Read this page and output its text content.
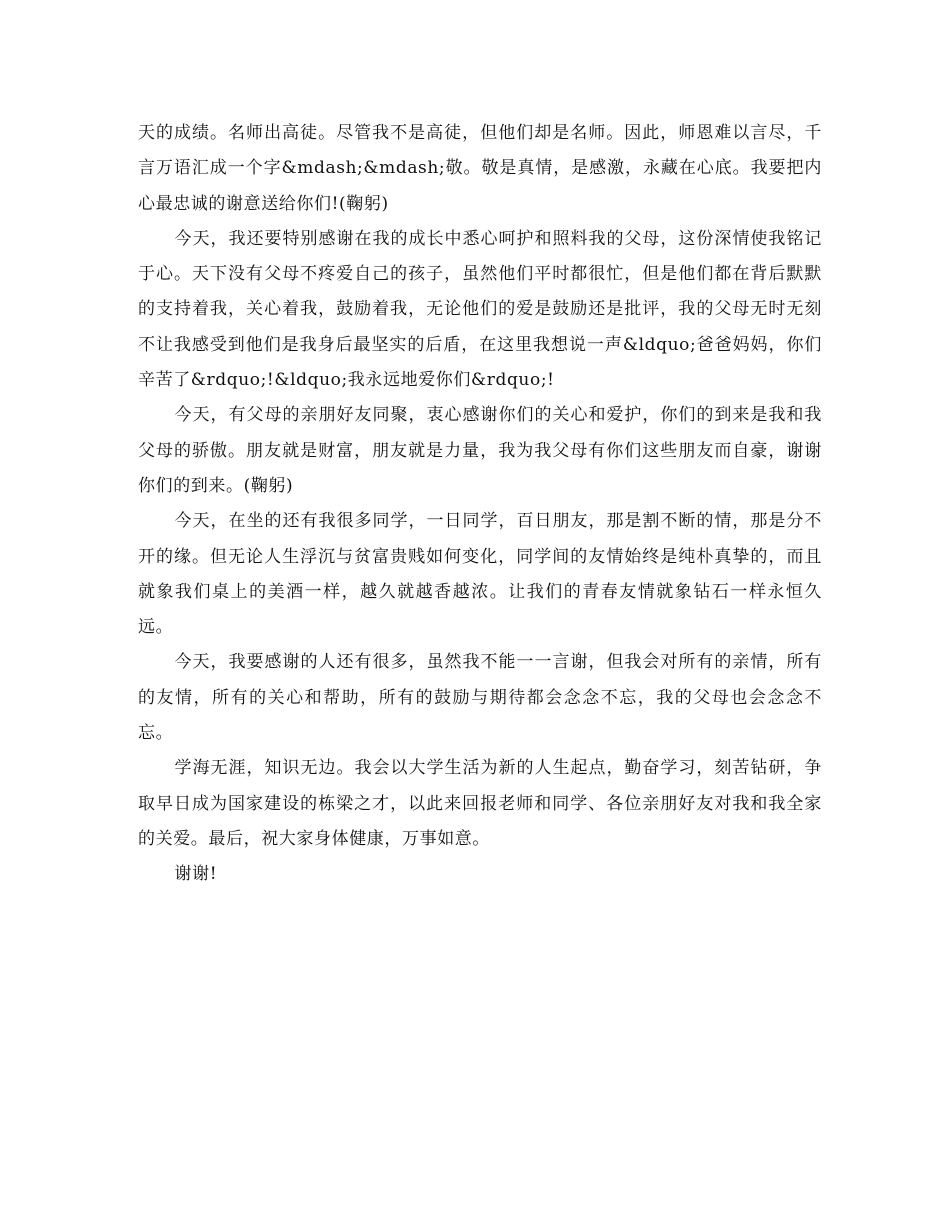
天的成绩。名师出高徒。尽管我不是高徒，但他们却是名师。因此，师恩难以言尽，千言万语汇成一个字&mdash;&mdash;敬。敬是真情，是感激，永藏在心底。我要把内心最忠诚的谢意送给你们!(鞠躬)

今天，我还要特别感谢在我的成长中悉心呵护和照料我的父母，这份深情使我铭记于心。天下没有父母不疼爱自己的孩子，虽然他们平时都很忙，但是他们都在背后默默的支持着我，关心着我，鼓励着我，无论他们的爱是鼓励还是批评，我的父母无时无刻不让我感受到他们是我身后最坚实的后盾，在这里我想说一声&ldquo;爸爸妈妈，你们辛苦了&rdquo;!&ldquo;我永远地爱你们&rdquo;!

今天，有父母的亲朋好友同聚，衷心感谢你们的关心和爱护，你们的到来是我和我父母的骄傲。朋友就是财富，朋友就是力量，我为我父母有你们这些朋友而自豪，谢谢你们的到来。(鞠躬)

今天，在坐的还有我很多同学，一日同学，百日朋友，那是割不断的情，那是分不开的缘。但无论人生浮沉与贫富贵贱如何变化，同学间的友情始终是纯朴真挚的，而且就象我们桌上的美酒一样，越久就越香越浓。让我们的青春友情就象钻石一样永恒久远。

今天，我要感谢的人还有很多，虽然我不能一一言谢，但我会对所有的亲情，所有的友情，所有的关心和帮助，所有的鼓励与期待都会念念不忘，我的父母也会念念不忘。

学海无涯，知识无边。我会以大学生活为新的人生起点，勤奋学习，刻苦钻研，争取早日成为国家建设的栋梁之才，以此来回报老师和同学、各位亲朋好友对我和我全家的关爱。最后，祝大家身体健康，万事如意。

谢谢!
